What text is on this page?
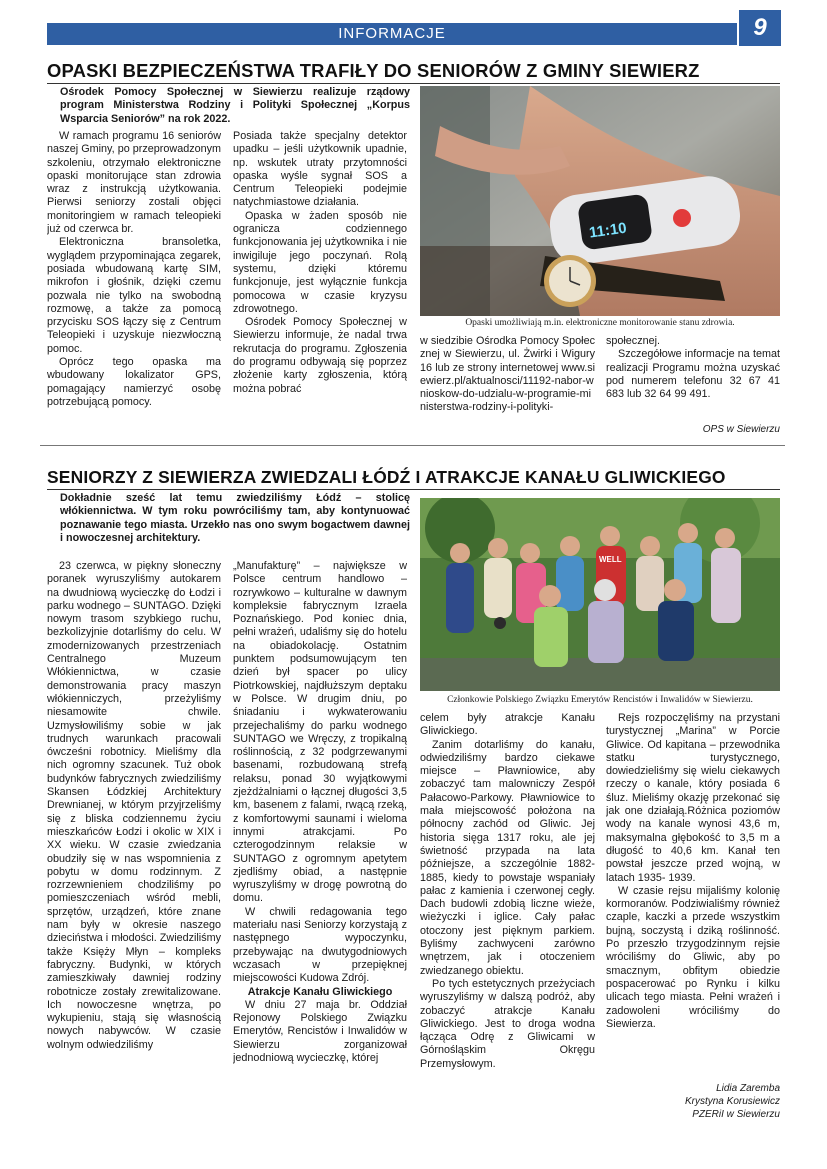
INFORMACJE	9
OPASKI BEZPIECZEŃSTWA TRAFIŁY DO SENIORÓW Z GMINY SIEWIERZ
Ośrodek Pomocy Społecznej w Siewierzu realizuje rządowy program Ministerstwa Rodziny i Polityki Społecznej „Korpus Wsparcia Seniorów” na rok 2022.

W ramach programu 16 seniorów naszej Gminy, po przeprowadzonym szkoleniu, otrzymało elektroniczne opaski monitorujące stan zdrowia wraz z instrukcją użytkowania. Pierwsi seniorzy zostali objęci monitoringiem w ramach teleopieki już od czerwca br.

Elektroniczna bransoletka, wyglądem przypominająca zegarek, posiada wbudowaną kartę SIM, mikrofon i głośnik, dzięki czemu pozwala nie tylko na swobodną rozmowę, a także za pomocą przycisku SOS łączy się z Centrum Teleopieki i uzyskuje niezwłoczną pomoc.

Oprócz tego opaska ma wbudowany lokalizator GPS, pomagający namierzyć osobę potrzebującą pomocy.

Posiada także specjalny detektor upadku – jeśli użytkownik upadnie, np. wskutek utraty przytomności opaska wyśle sygnał SOS a Centrum Teleopieki podejmie natychmiastowe działania.

Opaska w żaden sposób nie ogranicza codziennego funkcjonowania jej użytkownika i nie inwigiluje jego poczynań. Rolą systemu, dzięki któremu funkcjonuje, jest wyłącznie funkcja pomocowa w czasie kryzysu zdrowotnego.

Ośrodek Pomocy Społecznej w Siewierzu informuje, że nadal trwa rekrutacja do programu. Zgłoszenia do programu odbywają się poprzez złożenie karty zgłoszenia, którą można pobrać

11:10
Opaski umożliwiają m.in. elektroniczne monitorowanie stanu zdrowia.

w siedzibie Ośrodka Pomocy Społecznej w Siewierzu, ul. Żwirki i Wigury 16 lub ze strony internetowej www.siewierz.pl/aktualnosci/11192-nabor-wnioskow-do-udzialu-w-programie-ministerstwa-rodziny-i-polityki-

społecznej.

Szczegółowe informacje na temat realizacji Programu można uzyskać pod numerem telefonu 32 67 41 683 lub 32 64 99 491.

OPS w Siewierzu
SENIORZY Z SIEWIERZA ZWIEDZALI ŁÓDŹ I ATRAKCJE KANAŁU GLIWICKIEGO
Dokładnie sześć lat temu zwiedziliśmy Łódź – stolicę włókiennictwa. W tym roku powróciliśmy tam, aby kontynuować poznawanie tego miasta. Urzekło nas ono swym bogactwem dawnej i nowoczesnej architektury.

23 czerwca, w piękny słoneczny poranek wyruszyliśmy autokarem na dwudniową wycieczkę do Łodzi i parku wodnego – SUNTAGO. Dzięki nowym trasom szybkiego ruchu, bezkolizyjnie dotarliśmy do celu. W zmodernizowanych przestrzeniach Centralnego Muzeum Włókiennictwa, w czasie demonstrowania pracy maszyn włókienniczych, przeżyliśmy niesamowite chwile. Uzmysłowiliśmy sobie w jak trudnych warunkach pracowali ówcześni robotnicy. Mieliśmy dla nich ogromny szacunek. Tuż obok budynków fabrycznych zwiedziliśmy Skansen Łódzkiej Architektury Drewnianej, w którym przyjrzeliśmy się z bliska codziennemu życiu mieszkańców Łodzi i okolic w XIX i XX wieku. W czasie zwiedzania obudziły się w nas wspomnienia z pobytu w domu rodzinnym. Z rozrzewnieniem chodziliśmy po pomieszczeniach wśród mebli, sprzętów, urządzeń, które znane nam były w okresie naszego dzieciństwa i młodości. Zwiedziliśmy także Księży Młyn – kompleks fabryczny. Budynki, w których zamieszkiwały dawniej rodziny robotnicze zostały zrewitalizowane. Ich nowoczesne wnętrza, po wykupieniu, stają się własnością nowych nabywców. W czasie wolnym odwiedziliśmy

„Manufakturę” – największe w Polsce centrum handlowo – rozrywkowo – kulturalne w dawnym kompleksie fabrycznym Izraela Poznańskiego. Pod koniec dnia, pełni wrażeń, udaliśmy się do hotelu na obiadokolację. Ostatnim punktem podsumowującym ten dzień był spacer po ulicy Piotrkowskiej, najdłuższym deptaku w Polsce. W drugim dniu, po śniadaniu i wykwaterowaniu przejechaliśmy do parku wodnego SUNTAGO we Wręczy, z tropikalną roślinnością, z 32 podgrzewanymi basenami, rozbudowaną strefą relaksu, ponad 30 wyjątkowymi zjeżdżalniami o łącznej długości 3,5 km, basenem z falami, rwącą rzeką, z komfortowymi saunami i wieloma innymi atrakcjami. Po czterogodzinnym relaksie w SUNTAGO z ogromnym apetytem zjedliśmy obiad, a następnie wyruszyliśmy w drogę powrotną do domu.

W chwili redagowania tego materiału nasi Seniorzy korzystają z następnego wypoczynku, przebywając na dwutygodniowych wczasach w przepięknej miejscowości Kudowa Zdrój.

Atrakcje Kanału Gliwickiego

W dniu 27 maja br. Oddział Rejonowy Polskiego Związku Emerytów, Rencistów i Inwalidów w Siewierzu zorganizował jednodniową wycieczkę, której

WELL
Członkowie Polskiego Związku Emerytów Rencistów i Inwalidów w Siewierzu.

celem były atrakcje Kanału Gliwickiego.

Zanim dotarliśmy do kanału, odwiedziliśmy bardzo ciekawe miejsce – Pławniowice, aby zobaczyć tam malowniczy Zespół Pałacowo-Parkowy. Pławniowice to mała miejscowość położona na północny zachód od Gliwic. Jej historia sięga 1317 roku, ale jej świetność przypada na lata późniejsze, a szczególnie 1882-1885, kiedy to powstaje wspaniały pałac z kamienia i czerwonej cegły. Dach budowli zdobią liczne wieże, wieżyczki i iglice. Cały pałac otoczony jest pięknym parkiem. Byliśmy zachwyceni zarówno wnętrzem, jak i otoczeniem zwiedzanego obiektu.

Po tych estetycznych przeżyciach wyruszyliśmy w dalszą podróż, aby zobaczyć atrakcje Kanału Gliwickiego. Jest to droga wodna łącząca Odrę z Gliwicami w Górnośląskim Okręgu Przemysłowym.

Rejs rozpoczęliśmy na przystani turystycznej „Marina” w Porcie Gliwice. Od kapitana – przewodnika statku turystycznego, dowiedzieliśmy się wielu ciekawych rzeczy o kanale, który posiada 6 śluz. Mieliśmy okazję przekonać się jak one działają.Różnica poziomów wody na kanale wynosi 43,6 m, maksymalna głębokość to 3,5 m a długość to 40,6 km. Kanał ten powstał jeszcze przed wojną, w latach 1935- 1939.

W czasie rejsu mijaliśmy kolonię kormoranów. Podziwialiśmy również czaple, kaczki a przede wszystkim bujną, soczystą i dziką roślinność. Po przeszło trzygodzinnym rejsie wróciliśmy do Gliwic, aby po smacznym, obfitym obiedzie pospacerować po Rynku i kilku ulicach tego miasta. Pełni wrażeń i zadowoleni wróciliśmy do Siewierza.

Lidia Zaremba
Krystyna Korusiewicz
PZERiI w Siewierzu
